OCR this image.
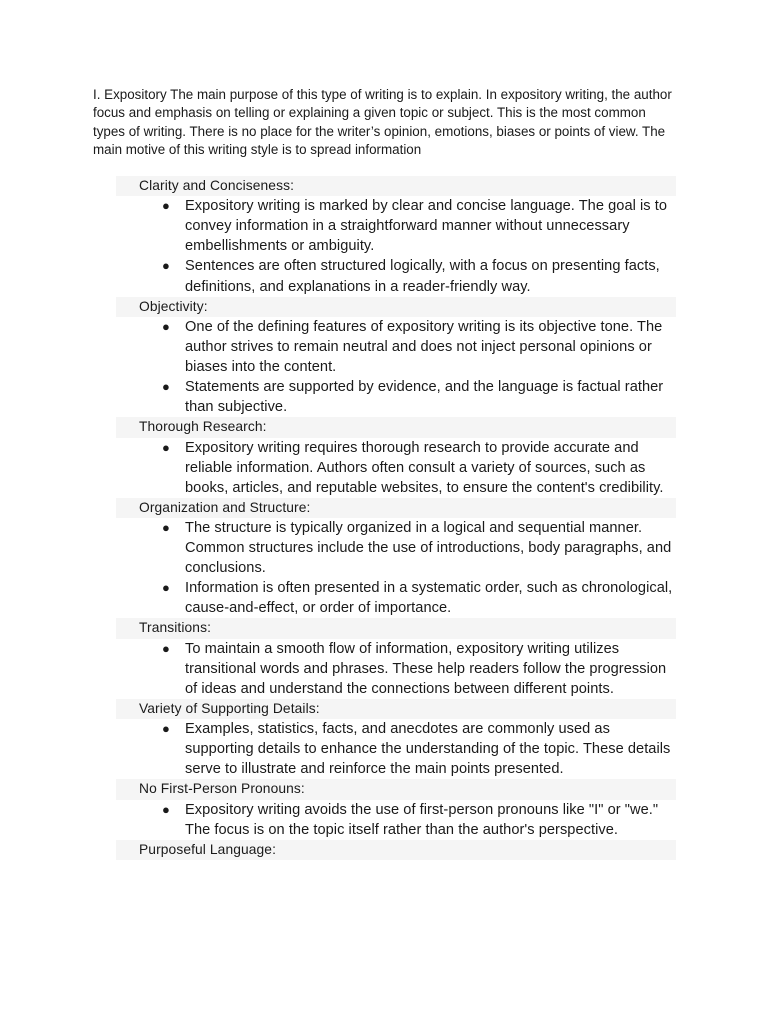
I. Expository The main purpose of this type of writing is to explain. In expository writing, the author focus and emphasis on telling or explaining a given topic or subject. This is the most common types of writing. There is no place for the writer’s opinion, emotions, biases or points of view. The main motive of this writing style is to spread information

Clarity and Conciseness:
● Expository writing is marked by clear and concise language. The goal is to convey information in a straightforward manner without unnecessary embellishments or ambiguity.
● Sentences are often structured logically, with a focus on presenting facts, definitions, and explanations in a reader-friendly way.
Objectivity:
● One of the defining features of expository writing is its objective tone. The author strives to remain neutral and does not inject personal opinions or biases into the content.
● Statements are supported by evidence, and the language is factual rather than subjective.
Thorough Research:
● Expository writing requires thorough research to provide accurate and reliable information. Authors often consult a variety of sources, such as books, articles, and reputable websites, to ensure the content's credibility.
Organization and Structure:
● The structure is typically organized in a logical and sequential manner. Common structures include the use of introductions, body paragraphs, and conclusions.
● Information is often presented in a systematic order, such as chronological, cause-and-effect, or order of importance.
Transitions:
● To maintain a smooth flow of information, expository writing utilizes transitional words and phrases. These help readers follow the progression of ideas and understand the connections between different points.
Variety of Supporting Details:
● Examples, statistics, facts, and anecdotes are commonly used as supporting details to enhance the understanding of the topic. These details serve to illustrate and reinforce the main points presented.
No First-Person Pronouns:
● Expository writing avoids the use of first-person pronouns like "I" or "we." The focus is on the topic itself rather than the author's perspective.
Purposeful Language:
